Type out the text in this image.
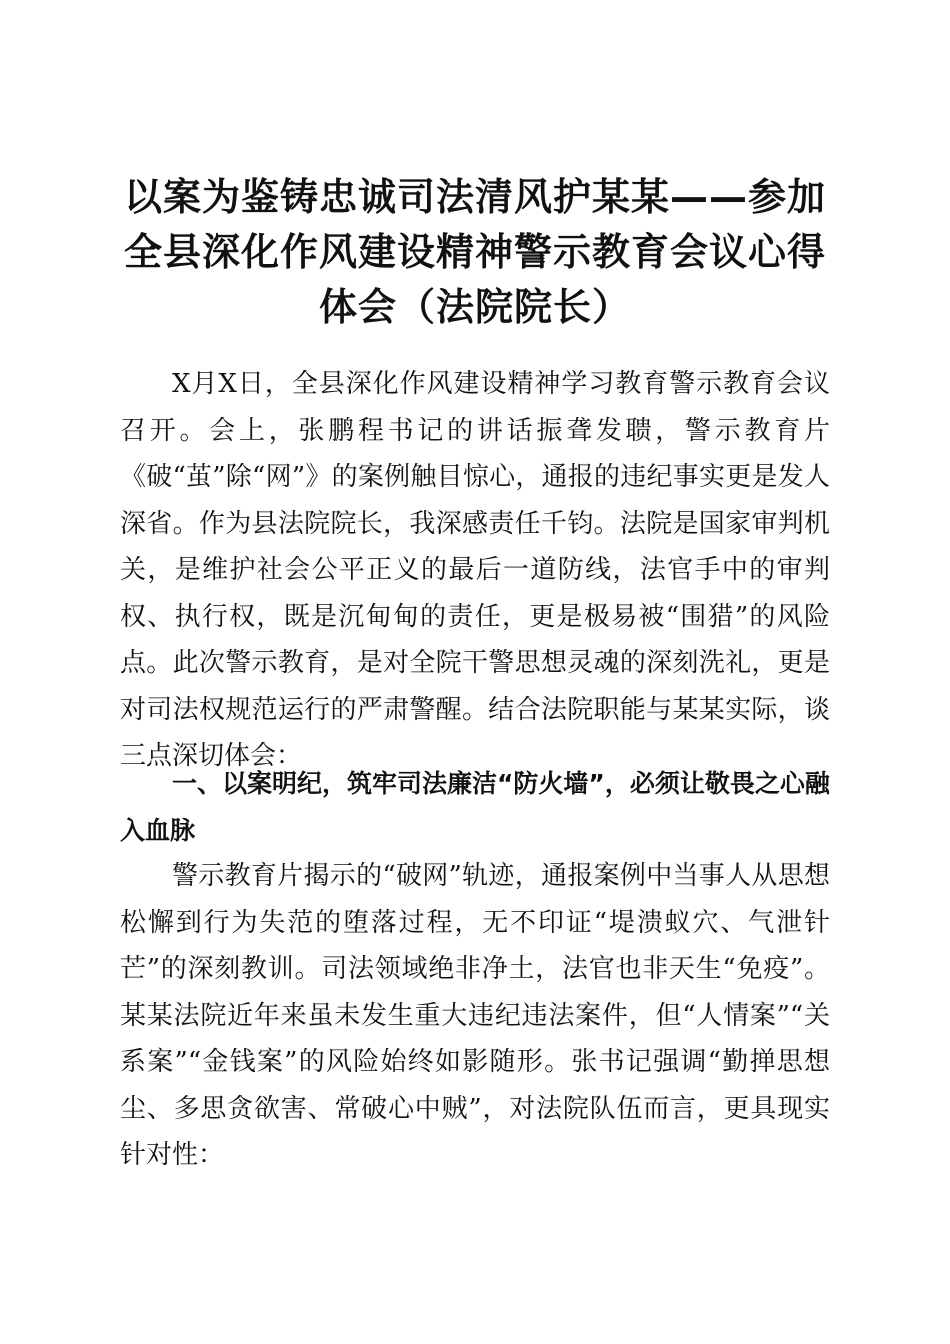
以案为鉴铸忠诚司法清风护某某——参加全县深化作风建设精神警示教育会议心得体会（法院院长）

X月X日，全县深化作风建设精神学习教育警示教育会议召开。会上，张鹏程书记的讲话振聋发聩，警示教育片《破“茧”除“网”》的案例触目惊心，通报的违纪事实更是发人深省。作为县法院院长，我深感责任千钧。法院是国家审判机关，是维护社会公平正义的最后一道防线，法官手中的审判权、执行权，既是沉甸甸的责任，更是极易被“围猎”的风险点。此次警示教育，是对全院干警思想灵魂的深刻洗礼，更是对司法权规范运行的严肃警醒。结合法院职能与某某实际，谈三点深切体会：

一、以案明纪，筑牢司法廉洁“防火墙”，必须让敬畏之心融入血脉

警示教育片揭示的“破网”轨迹，通报案例中当事人从思想松懈到行为失范的堕落过程，无不印证“堤溃蚁穴、气泄针芒”的深刻教训。司法领域绝非净土，法官也非天生“免疫”。某某法院近年来虽未发生重大违纪违法案件，但“人情案”“关系案”“金钱案”的风险始终如影随形。张书记强调“勤掸思想尘、多思贪欲害、常破心中贼”，对法院队伍而言，更具现实针对性：
